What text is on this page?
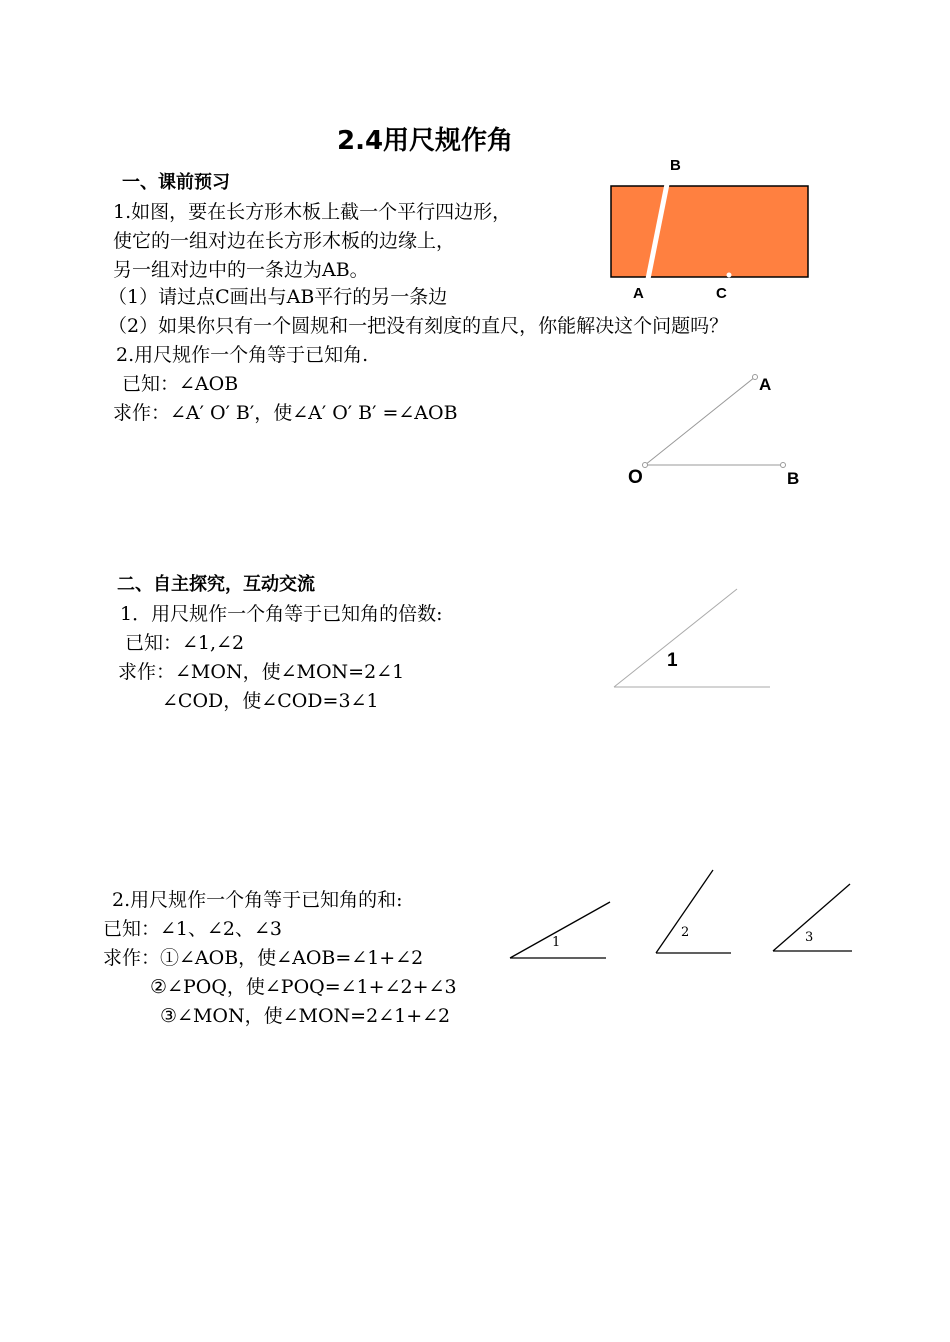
2.4用尺规作角
一、课前预习
1.如图，要在长方形木板上截一个平行四边形，
使它的一组对边在长方形木板的边缘上，
另一组对边中的一条边为AB。
（1）请过点C画出与AB平行的另一条边
（2）如果你只有一个圆规和一把没有刻度的直尺，你能解决这个问题吗？
2.用尺规作一个角等于已知角.
已知：∠AOB
求作：∠A′ O′ B′，使∠A′ O′ B′ =∠AOB
B
A	C
A
O	B
二、自主探究，互动交流
1．用尺规作一个角等于已知角的倍数:
已知：∠1,∠2
求作：∠MON，使∠MON=2∠1
∠COD，使∠COD=3∠1
1
2.用尺规作一个角等于已知角的和:
已知：∠1、∠2、∠3
求作：①∠AOB，使∠AOB=∠1+∠2
②∠POQ，使∠POQ=∠1+∠2+∠3
③∠MON，使∠MON=2∠1+∠2
1
2	3
